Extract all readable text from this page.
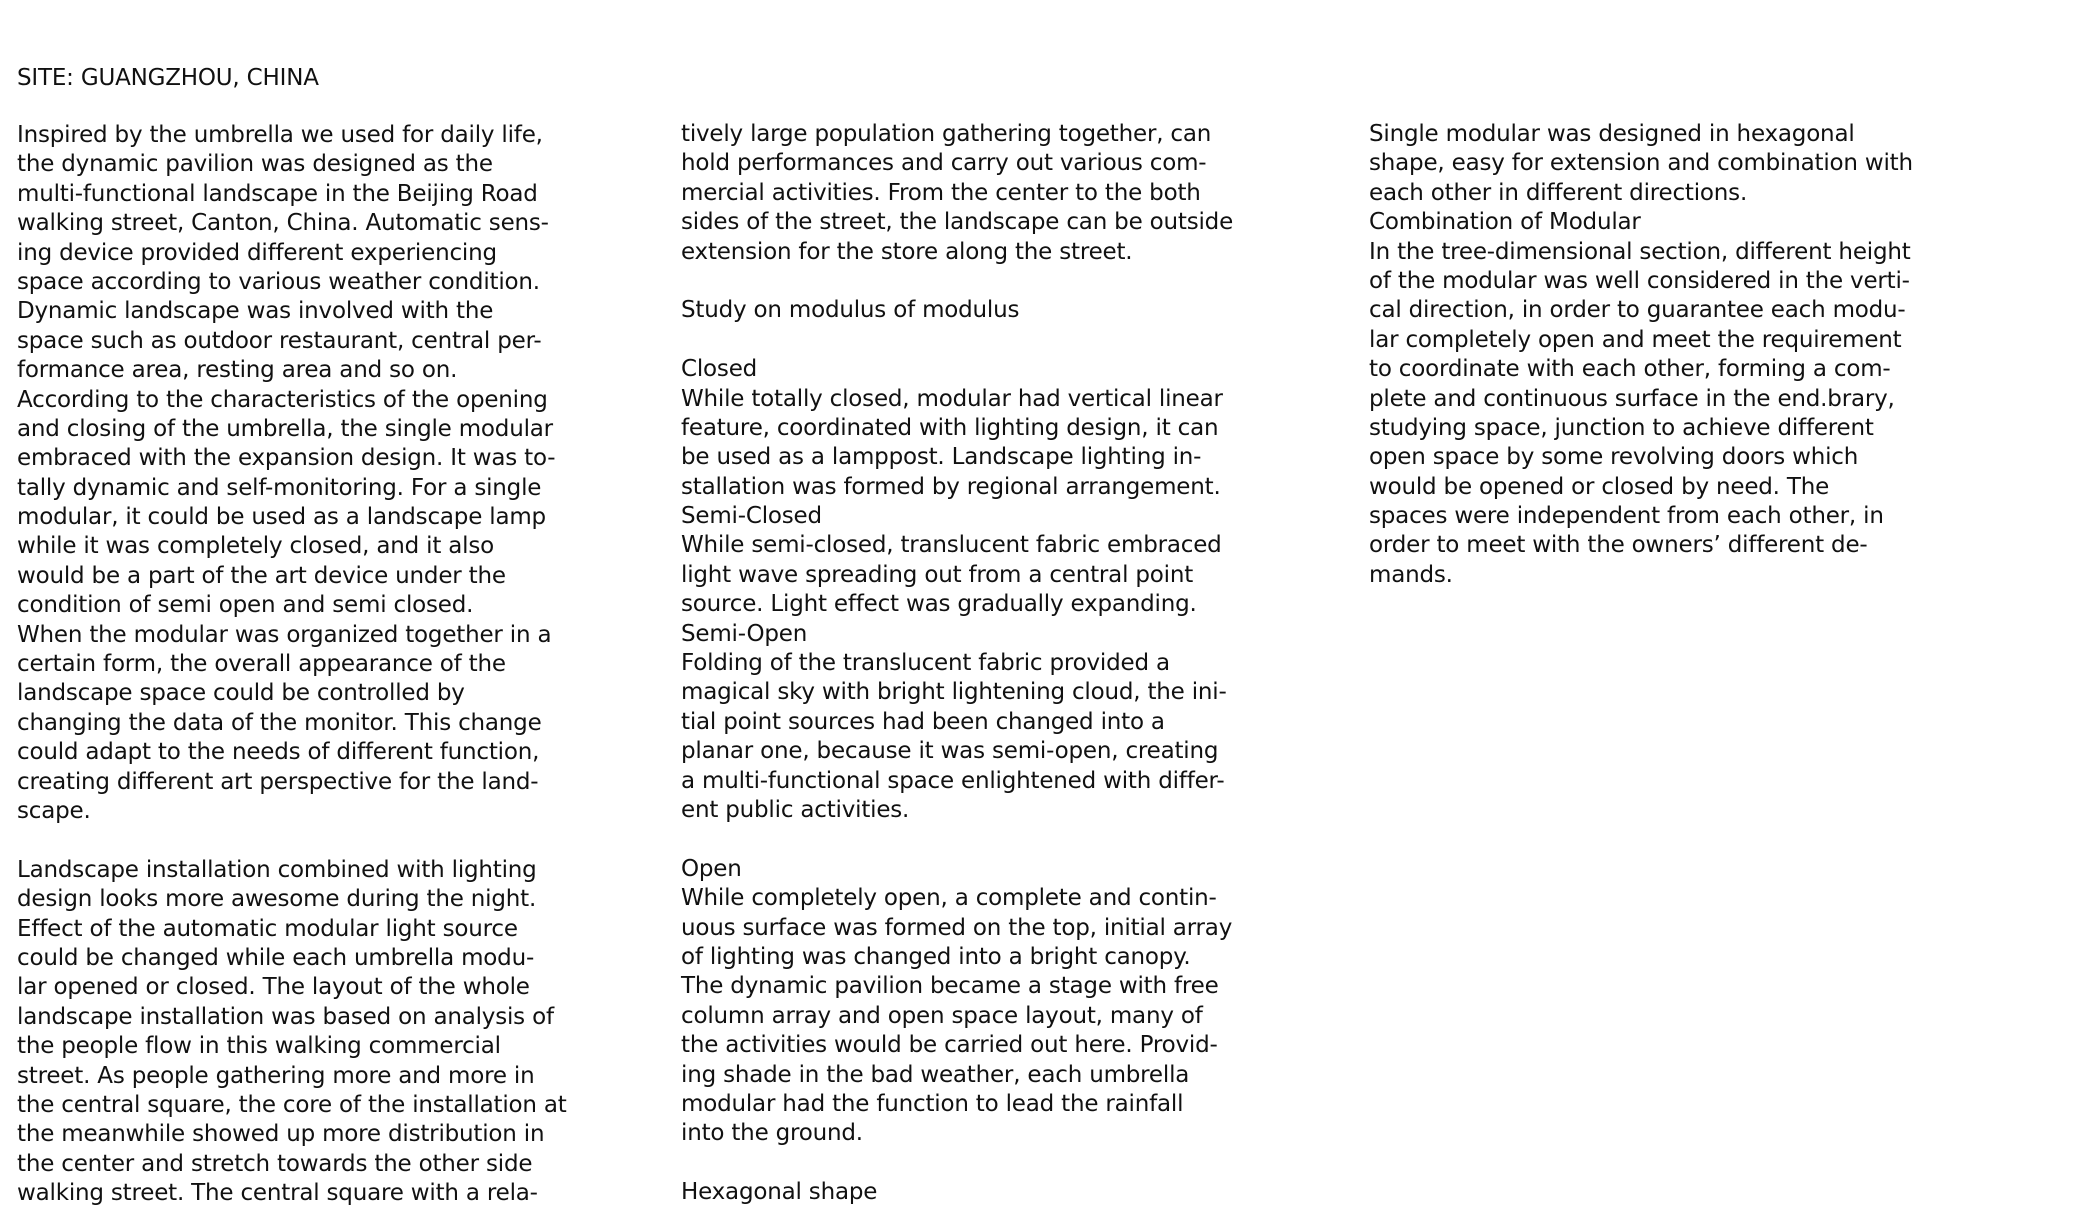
SITE: GUANGZHOU, CHINA
Inspired by the umbrella we used for daily life,
the dynamic pavilion was designed as the
multi-functional landscape in the Beijing Road
walking street, Canton, China. Automatic sens-
ing device provided different experiencing
space according to various weather condition.
Dynamic landscape was involved with the
space such as outdoor restaurant, central per-
formance area, resting area and so on.
According to the characteristics of the opening
and closing of the umbrella, the single modular
embraced with the expansion design. It was to-
tally dynamic and self-monitoring. For a single
modular, it could be used as a landscape lamp
while it was completely closed, and it also
would be a part of the art device under the
condition of semi open and semi closed.
When the modular was organized together in a
certain form, the overall appearance of the
landscape space could be controlled by
changing the data of the monitor. This change
could adapt to the needs of different function,
creating different art perspective for the land-
scape.
Landscape installation combined with lighting
design looks more awesome during the night.
Effect of the automatic modular light source
could be changed while each umbrella modu-
lar opened or closed. The layout of the whole
landscape installation was based on analysis of
the people flow in this walking commercial
street. As people gathering more and more in
the central square, the core of the installation at
the meanwhile showed up more distribution in
the center and stretch towards the other side
walking street. The central square with a rela-
tively large population gathering together, can
hold performances and carry out various com-
mercial activities. From the center to the both
sides of the street, the landscape can be outside
extension for the store along the street.
Study on modulus of modulus
Closed
While totally closed, modular had vertical linear
feature, coordinated with lighting design, it can
be used as a lamppost. Landscape lighting in-
stallation was formed by regional arrangement.
Semi-Closed
While semi-closed, translucent fabric embraced
light wave spreading out from a central point
source. Light effect was gradually expanding.
Semi-Open
Folding of the translucent fabric provided a
magical sky with bright lightening cloud, the ini-
tial point sources had been changed into a
planar one, because it was semi-open, creating
a multi-functional space enlightened with differ-
ent public activities.
Open
While completely open, a complete and contin-
uous surface was formed on the top, initial array
of lighting was changed into a bright canopy.
The dynamic pavilion became a stage with free
column array and open space layout, many of
the activities would be carried out here. Provid-
ing shade in the bad weather, each umbrella
modular had the function to lead the rainfall
into the ground.
Hexagonal shape
Single modular was designed in hexagonal
shape, easy for extension and combination with
each other in different directions.
Combination of Modular
In the tree-dimensional section, different height
of the modular was well considered in the verti-
cal direction, in order to guarantee each modu-
lar completely open and meet the requirement
to coordinate with each other, forming a com-
plete and continuous surface in the end.brary,
studying space, junction to achieve different
open space by some revolving doors which
would be opened or closed by need. The
spaces were independent from each other, in
order to meet with the owners’ different de-
mands.
